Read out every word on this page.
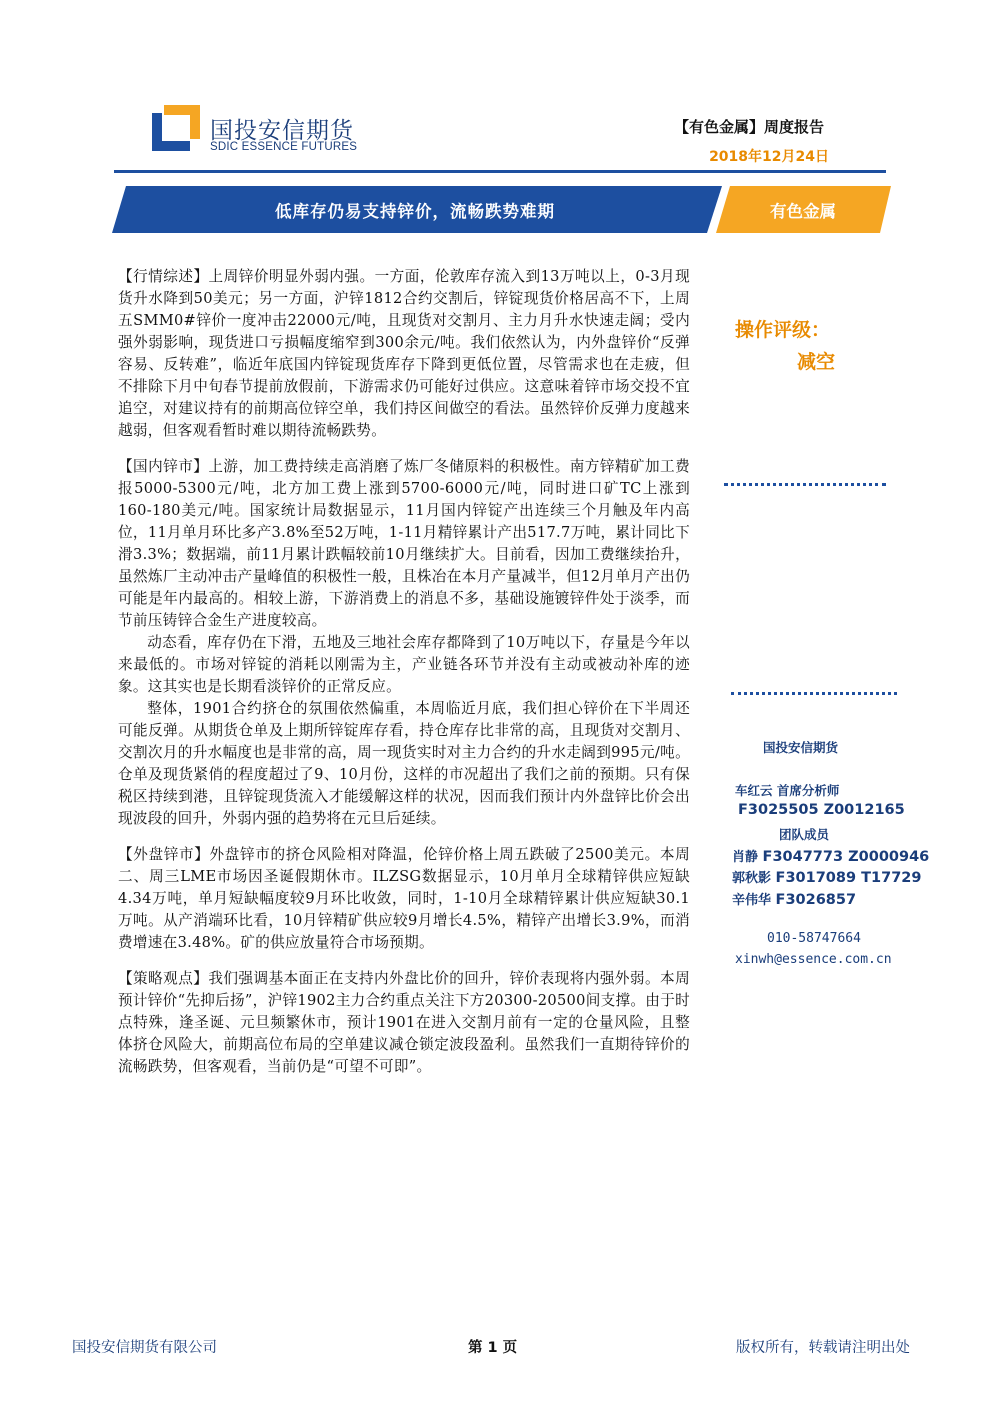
国投安信期货
SDIC ESSENCE FUTURES
【有色金属】周度报告
2018年12月24日
低库存仍易支持锌价，流畅跌势难期	有色金属

【行情综述】上周锌价明显外弱内强。一方面，伦敦库存流入到13万吨以上，0-3月现货升水降到50美元；另一方面，沪锌1812合约交割后，锌锭现货价格居高不下，上周五SMM0#锌价一度冲击22000元/吨，且现货对交割月、主力月升水快速走阔；受内强外弱影响，现货进口亏损幅度缩窄到300余元/吨。我们依然认为，内外盘锌价“反弹容易、反转难”，临近年底国内锌锭现货库存下降到更低位置，尽管需求也在走疲，但不排除下月中旬春节提前放假前，下游需求仍可能好过供应。这意味着锌市场交投不宜追空，对建议持有的前期高位锌空单，我们持区间做空的看法。虽然锌价反弹力度越来越弱，但客观看暂时难以期待流畅跌势。

【国内锌市】上游，加工费持续走高消磨了炼厂冬储原料的积极性。南方锌精矿加工费报5000-5300元/吨，北方加工费上涨到5700-6000元/吨，同时进口矿TC上涨到160-180美元/吨。国家统计局数据显示，11月国内锌锭产出连续三个月触及年内高位，11月单月环比多产3.8%至52万吨，1-11月精锌累计产出517.7万吨，累计同比下滑3.3%；数据端，前11月累计跌幅较前10月继续扩大。目前看，因加工费继续抬升，虽然炼厂主动冲击产量峰值的积极性一般，且株冶在本月产量减半，但12月单月产出仍可能是年内最高的。相较上游，下游消费上的消息不多，基础设施镀锌件处于淡季，而节前压铸锌合金生产进度较高。

动态看，库存仍在下滑，五地及三地社会库存都降到了10万吨以下，存量是今年以来最低的。市场对锌锭的消耗以刚需为主，产业链各环节并没有主动或被动补库的迹象。这其实也是长期看淡锌价的正常反应。

整体，1901合约挤仓的氛围依然偏重，本周临近月底，我们担心锌价在下半周还可能反弹。从期货仓单及上期所锌锭库存看，持仓库存比非常的高，且现货对交割月、交割次月的升水幅度也是非常的高，周一现货实时对主力合约的升水走阔到995元/吨。仓单及现货紧俏的程度超过了9、10月份，这样的市况超出了我们之前的预期。只有保税区持续到港，且锌锭现货流入才能缓解这样的状况，因而我们预计内外盘锌比价会出现波段的回升，外弱内强的趋势将在元旦后延续。

【外盘锌市】外盘锌市的挤仓风险相对降温，伦锌价格上周五跌破了2500美元。本周二、周三LME市场因圣诞假期休市。ILZSG数据显示，10月单月全球精锌供应短缺4.34万吨，单月短缺幅度较9月环比收敛，同时，1-10月全球精锌累计供应短缺30.1万吨。从产消端环比看，10月锌精矿供应较9月增长4.5%，精锌产出增长3.9%，而消费增速在3.48%。矿的供应放量符合市场预期。

【策略观点】我们强调基本面正在支持内外盘比价的回升，锌价表现将内强外弱。本周预计锌价“先抑后扬”，沪锌1902主力合约重点关注下方20300-20500间支撑。由于时点特殊，逢圣诞、元旦频繁休市，预计1901在进入交割月前有一定的仓量风险，且整体挤仓风险大，前期高位布局的空单建议减仓锁定波段盈利。虽然我们一直期待锌价的流畅跌势，但客观看，当前仍是“可望不可即”。

操作评级：
减空
国投安信期货
车红云 首席分析师
F3025505 Z0012165
团队成员
肖静 F3047773 Z0000946
郭秋影 F3017089 T17729
辛伟华 F3026857
010-58747664
xinwh@essence.com.cn
国投安信期货有限公司	第 1 页	版权所有，转载请注明出处
